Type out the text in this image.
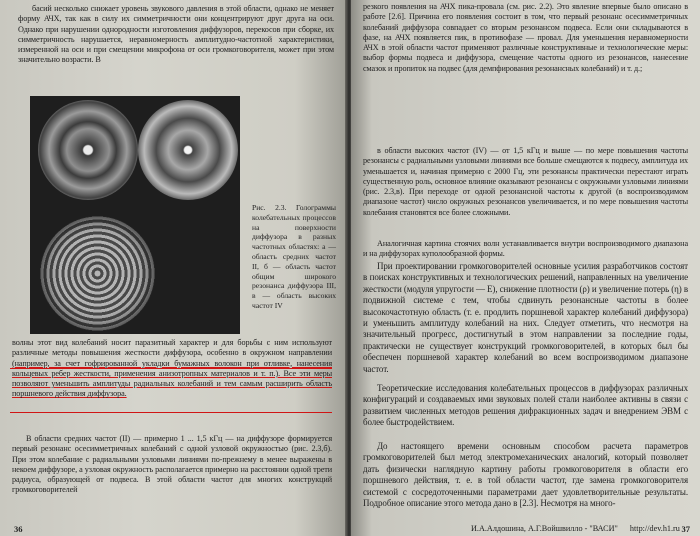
басий несколько снижает уровень звукового давления в этой области, однако не меняет форму АЧХ, так как в силу их симметричности они концентрируют друг друга на оси. Однако при нарушении однородности изготовления диффузоров, перекосов при сборке, их симметричность нарушается, неравномерность амплитудно-частотной характеристики, измеренной на оси и при смещении микрофона от оси громкоговорителя, может при этом значительно возрасти. В

Рис. 2.3. Голограммы колебательных процессов на поверхности диффузора в разных частотных областях: а — область средних частот II, б — область частот общим широкого резонанса диффузора III, в — область высоких частот IV

волны этот вид колебаний носит паразитный характер и для борьбы с ним используют различные методы повышения жесткости диффузора, особенно в окружном направлении (например, за счет гофрированной укладки бумажных волокон при отливке, нанесения кольцевых ребер жесткости, применения анизотропных материалов и т. п.). Все эти меры позволяют уменьшить амплитуды радиальных колебаний и тем самым расширить область поршневого действия диффузора.

В области средних частот (II) — примерно 1 ... 1,5 кГц — на диффузоре формируется первый резонанс осесимметричных колебаний с одной узловой окружностью (рис. 2.3,б). При этом колебание с радиальными узловыми линиями по-прежнему в менее выражены в некоем диффузоре, а узловая окружность располагается примерно на расстоянии одной трети радиуса, образующей от подвеса. В этой области частот для многих конструкций громкоговорителей

36

резкого появления на АЧХ пика-провала (см. рис. 2.2). Это явление впервые было описано в работе [2.6]. Причина его появления состоит в том, что первый резонанс осесимметричных колебаний диффузора совпадает со вторым резонансом подвеса. Если они складываются в фазе, на АЧХ появляется пик, в противофазе — провал. Для уменьшения неравномерности АЧХ в этой области частот применяют различные конструктивные и технологические меры: выбор формы подвеса и диффузора, смещение частоты одного из резонансов, нанесение смазок и пропиток на подвес (для демпфирования резонансных колебаний) и т. д.;

в области высоких частот (IV) — от 1,5 кГц и выше — по мере повышения частоты резонансы с радиальными узловыми линиями все больше смещаются к подвесу, амплитуда их уменьшается и, начиная примерно с 2000 Гц, эти резонансы практически перестают играть существенную роль, основное влияние оказывают резонансы с окружными узловыми линиями (рис. 2.3,в). При переходе от одной резонансной частоты к другой (в воспроизводимом диапазоне частот) число окружных резонансов увеличивается, и по мере повышения частоты колебания становятся все более сложными.

Аналогичная картина стоячих волн устанавливается внутри воспроизводимого диапазона и на диффузорах куполообразной формы.

При проектировании громкоговорителей основные усилия разработчиков состоят в поисках конструктивных и технологических решений, направленных на увеличение жесткости (модуля упругости — E), снижение плотности (ρ) и увеличение потерь (η) в подвижной системе с тем, чтобы сдвинуть резонансные частоты в более высокочастотную область (т. е. продлить поршневой характер колебаний диффузора) и уменьшить амплитуду колебаний на них. Следует отметить, что несмотря на значительный прогресс, достигнутый в этом направлении за последние годы, практически не существует конструкций громкоговорителей, в которых был бы обеспечен поршневой характер колебаний во всем воспроизводимом диапазоне частот.

Теоретические исследования колебательных процессов в диффузорах различных конфигураций и создаваемых ими звуковых полей стали наиболее активны в связи с развитием численных методов решения дифракционных задач и внедрением ЭВМ с более быстродействием.

До настоящего времени основным способом расчета параметров громкоговорителей был метод электромеханических аналогий, который позволяет дать физически наглядную картину работы громкоговорителя в области его поршневого действия, т. е. в той области частот, где замена громкоговорителя системой с сосредоточенными параметрами дает удовлетворительные результаты. Подробное описание этого метода дано в [2.3]. Несмотря на много-

И.А.Алдошина, А.Г.Войшвилло - "ВАСИ" http://dev.h1.ru 37
